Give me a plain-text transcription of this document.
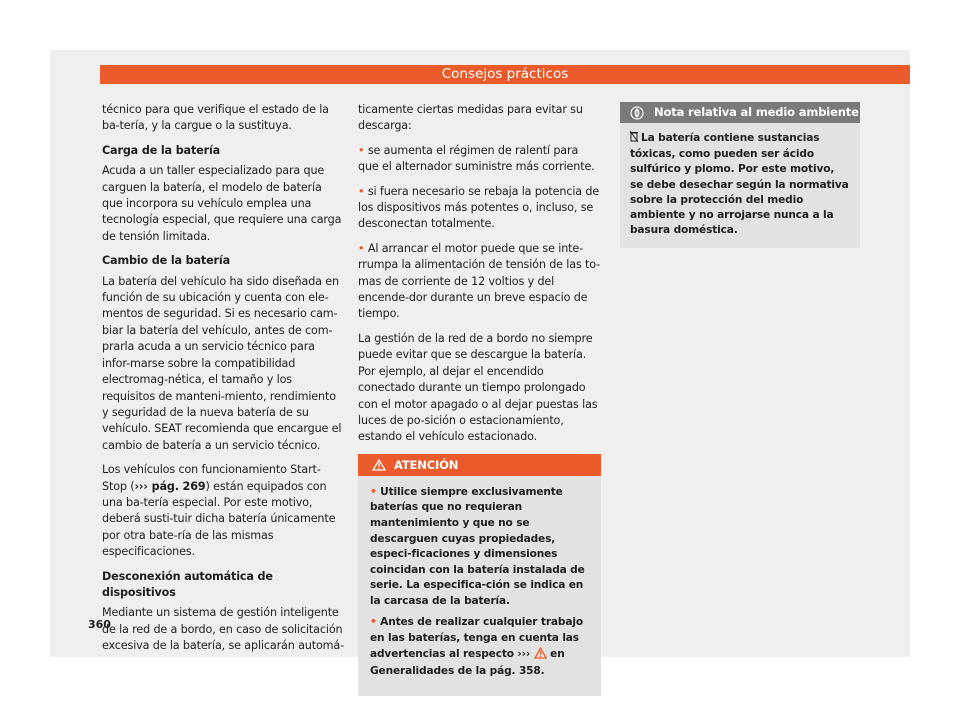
Consejos prácticos

técnico para que verifique el estado de la ba-tería, y la cargue o la sustituya.

Carga de la batería

Acuda a un taller especializado para que carguen la batería, el modelo de batería que incorpora su vehículo emplea una tecnología especial, que requiere una carga de tensión limitada.

Cambio de la batería

La batería del vehículo ha sido diseñada en función de su ubicación y cuenta con ele-mentos de seguridad. Si es necesario cam-biar la batería del vehículo, antes de com-prarla acuda a un servicio técnico para infor-marse sobre la compatibilidad electromag-nética, el tamaño y los requisitos de manteni-miento, rendimiento y seguridad de la nueva batería de su vehículo. SEAT recomienda que encargue el cambio de batería a un servicio técnico.

Los vehículos con funcionamiento Start-Stop (››› pág. 269) están equipados con una ba-tería especial. Por este motivo, deberá susti-tuir dicha batería únicamente por otra bate-ría de las mismas especificaciones.

Desconexión automática de dispositivos

Mediante un sistema de gestión inteligente de la red de a bordo, en caso de solicitación excesiva de la batería, se aplicarán automá-

ticamente ciertas medidas para evitar su descarga:

• se aumenta el régimen de ralentí para que el alternador suministre más corriente.

• si fuera necesario se rebaja la potencia de los dispositivos más potentes o, incluso, se desconectan totalmente.

• Al arrancar el motor puede que se inte-rrumpa la alimentación de tensión de las to-mas de corriente de 12 voltios y del encende-dor durante un breve espacio de tiempo.

La gestión de la red de a bordo no siempre puede evitar que se descargue la batería. Por ejemplo, al dejar el encendido conectado durante un tiempo prolongado con el motor apagado o al dejar puestas las luces de po-sición o estacionamiento, estando el vehículo estacionado.

ATENCIÓN

• Utilice siempre exclusivamente baterías que no requieran mantenimiento y que no se descarguen cuyas propiedades, especi-ficaciones y dimensiones coincidan con la batería instalada de serie. La especifica-ción se indica en la carcasa de la batería.

• Antes de realizar cualquier trabajo en las baterías, tenga en cuenta las advertencias al respecto ››› en Generalidades de la pág. 358.

Nota relativa al medio ambiente
La batería contiene sustancias tóxicas, como pueden ser ácido sulfúrico y plomo. Por este motivo, se debe desechar según la normativa sobre la protección del medio ambiente y no arrojarse nunca a la basura doméstica.
360
